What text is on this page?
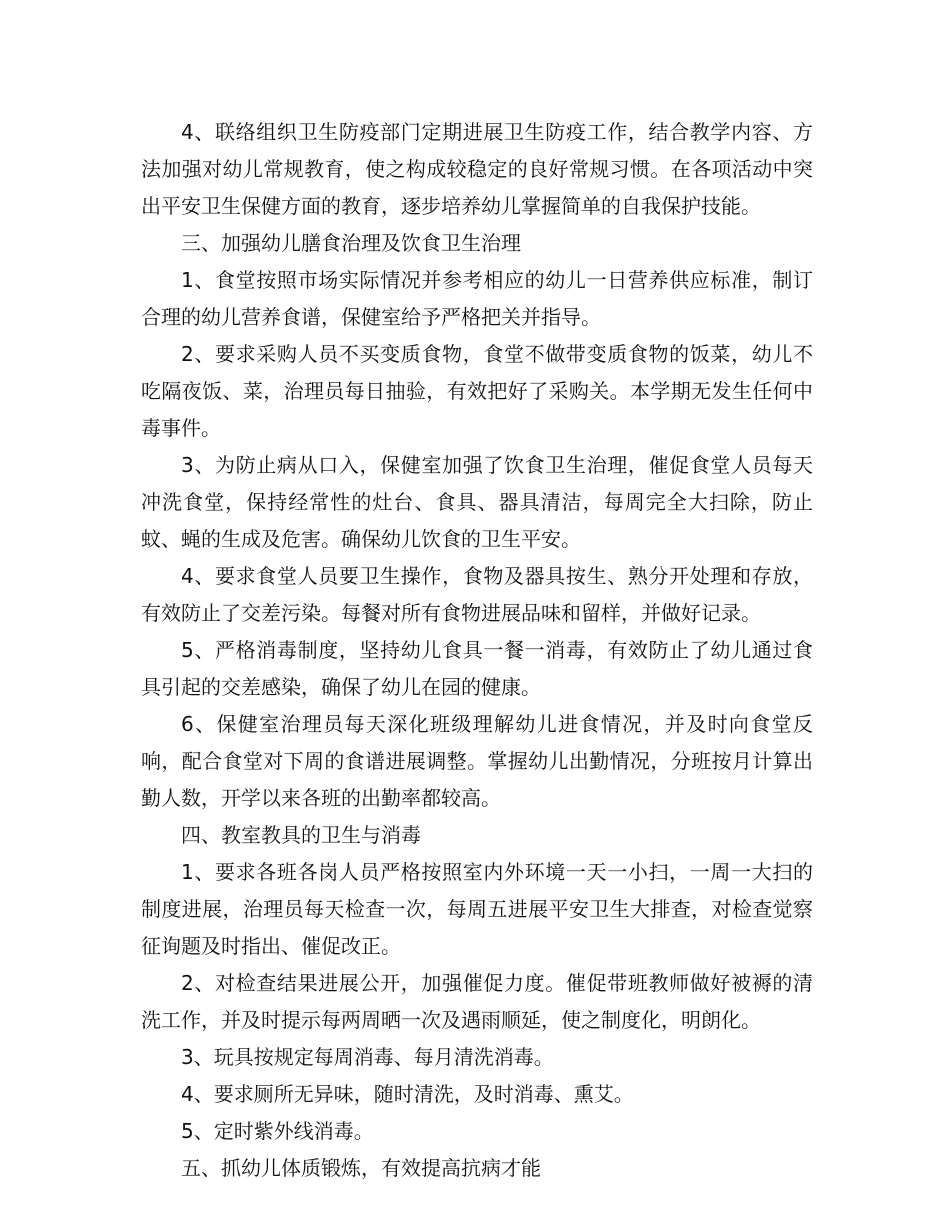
4、联络组织卫生防疫部门定期进展卫生防疫工作，结合教学内容、方法加强对幼儿常规教育，使之构成较稳定的良好常规习惯。在各项活动中突出平安卫生保健方面的教育，逐步培养幼儿掌握简单的自我保护技能。

三、加强幼儿膳食治理及饮食卫生治理

1、食堂按照市场实际情况并参考相应的幼儿一日营养供应标准，制订合理的幼儿营养食谱，保健室给予严格把关并指导。

2、要求采购人员不买变质食物，食堂不做带变质食物的饭菜，幼儿不吃隔夜饭、菜，治理员每日抽验，有效把好了采购关。本学期无发生任何中毒事件。

3、为防止病从口入，保健室加强了饮食卫生治理，催促食堂人员每天冲洗食堂，保持经常性的灶台、食具、器具清洁，每周完全大扫除，防止蚊、蝇的生成及危害。确保幼儿饮食的卫生平安。

4、要求食堂人员要卫生操作，食物及器具按生、熟分开处理和存放，有效防止了交差污染。每餐对所有食物进展品味和留样，并做好记录。

5、严格消毒制度，坚持幼儿食具一餐一消毒，有效防止了幼儿通过食具引起的交差感染，确保了幼儿在园的健康。

6、保健室治理员每天深化班级理解幼儿进食情况，并及时向食堂反响，配合食堂对下周的食谱进展调整。掌握幼儿出勤情况，分班按月计算出勤人数，开学以来各班的出勤率都较高。

四、教室教具的卫生与消毒

1、要求各班各岗人员严格按照室内外环境一天一小扫，一周一大扫的制度进展，治理员每天检查一次，每周五进展平安卫生大排查，对检查觉察征询题及时指出、催促改正。

2、对检查结果进展公开，加强催促力度。催促带班教师做好被褥的清洗工作，并及时提示每两周晒一次及遇雨顺延，使之制度化，明朗化。

3、玩具按规定每周消毒、每月清洗消毒。

4、要求厕所无异味，随时清洗，及时消毒、熏艾。

5、定时紫外线消毒。

五、抓幼儿体质锻炼，有效提高抗病才能
